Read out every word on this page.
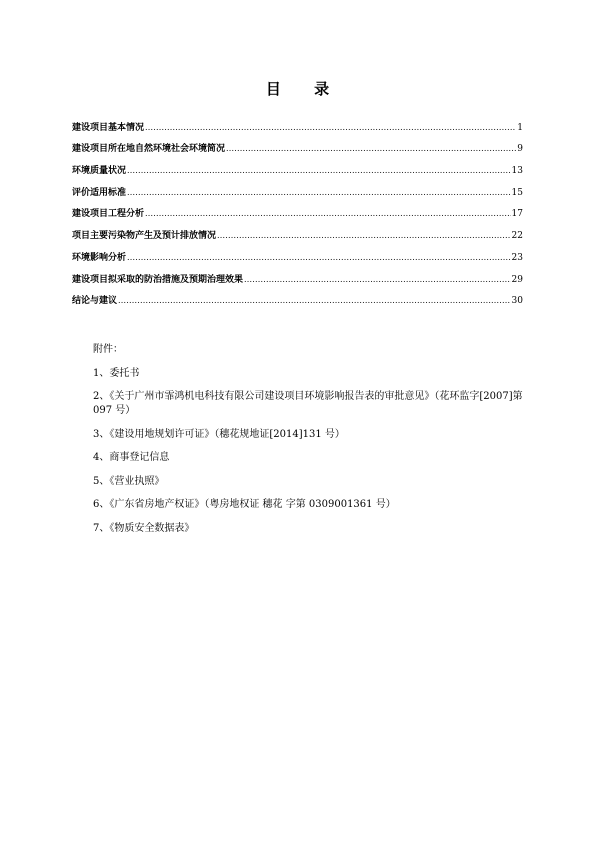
目 录
建设项目基本情况 .....	1
建设项目所在地自然环境社会环境简况 .....	9
环境质量状况 .....	13
评价适用标准 .....	15
建设项目工程分析 .....	17
项目主要污染物产生及预计排放情况 .....	22
环境影响分析 .....	23
建设项目拟采取的防治措施及预期治理效果 .....	29
结论与建议 .....	30
附件：
1、委托书
2、《关于广州市霏鸿机电科技有限公司建设项目环境影响报告表的审批意见》（花环监字[2007]第 097 号）
3、《建设用地规划许可证》（穗花规地证[2014]131 号）
4、商事登记信息
5、《营业执照》
6、《广东省房地产权证》（粤房地权证 穗花 字第 0309001361 号）
7、《物质安全数据表》
